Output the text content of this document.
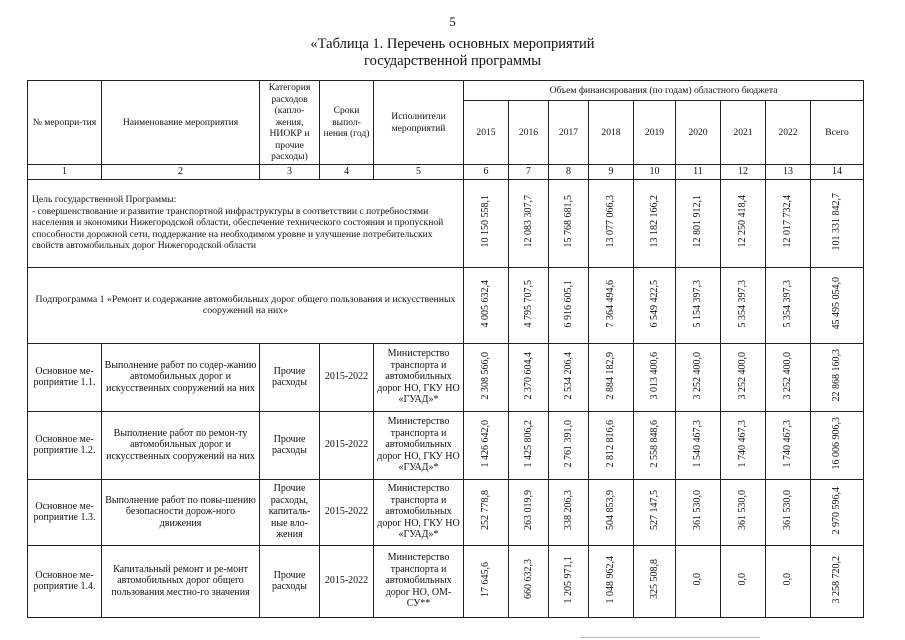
5
«Таблица 1. Перечень основных мероприятий
государственной программы
№ меропри-тия	Наименование мероприятия	Категория расходов (капло-жения, НИОКР и прочие расходы)	Сроки выпол-нения (год)	Исполнители мероприятий	Объем финансирования (по годам) областного бюджета								
					2015	2016	2017	2018	2019	2020	2021	2022	Всего
1	2	3	4	5	6	7	8	9	10	11	12	13	14
Цель государственной Программы:
- совершенствование и развитие транспортной инфраструктуры в соответствии с потребностями населения и экономики Нижегородской области, обеспечение технического состояния и пропускной способности дорожной сети, поддержание на необходимом уровне и улучшение потребительских свойств автомобильных дорог Нижегородской области					10 150 558,1	12 083 307,7	15 768 681,5	13 077 066,3	13 182 166,2	12 801 912,1	12 250 418,4	12 017 732,4	101 331 842,7
Подпрограмма 1 «Ремонт и содержание автомобильных дорог общего пользования и искусственных сооружений на них»					4 005 632,4	4 795 707,5	6 916 605,1	7 364 494,6	6 549 422,5	5 154 397,3	5 354 397,3	5 354 397,3	45 495 054,0
Основное ме-роприятие 1.1.	Выполнение работ по содер-жанию автомобильных дорог и искусственных сооружений на них	Прочие расходы	2015-2022	Министерство транспорта и автомобильных дорог НО, ГКУ НО «ГУАД»*	2 308 566,0	2 370 604,4	2 534 206,4	2 884 182,9	3 013 400,6	3 252 400,0	3 252 400,0	3 252 400,0	22 868 160,3
Основное ме-роприятие 1.2.	Выполнение работ по ремон-ту автомобильных дорог и искусственных сооружений на них	Прочие расходы	2015-2022	Министерство транспорта и автомобильных дорог НО, ГКУ НО «ГУАД»*	1 426 642,0	1 425 806,2	2 761 391,0	2 812 816,6	2 558 848,6	1 540 467,3	1 740 467,3	1 740 467,3	16 006 906,3
Основное ме-роприятие 1.3.	Выполнение работ по повы-шению безопасности дорож-ного движения	Прочие расходы, капиталь-ные вло-жения	2015-2022	Министерство транспорта и автомобильных дорог НО, ГКУ НО «ГУАД»*	252 778,8	263 019,9	338 206,3	504 853,9	527 147,5	361 530,0	361 530,0	361 530,0	2 970 596,4
Основное ме-роприятие 1.4.	Капитальный ремонт и ре-монт автомобильных дорог общего пользования местно-го значения	Прочие расходы	2015-2022	Министерство транспорта и автомобильных дорог НО, ОМ-СУ**	17 645,6	660 632,3	1 205 971,1	1 048 962,4	325 508,8	0,0	0,0	0,0	3 258 720,2
